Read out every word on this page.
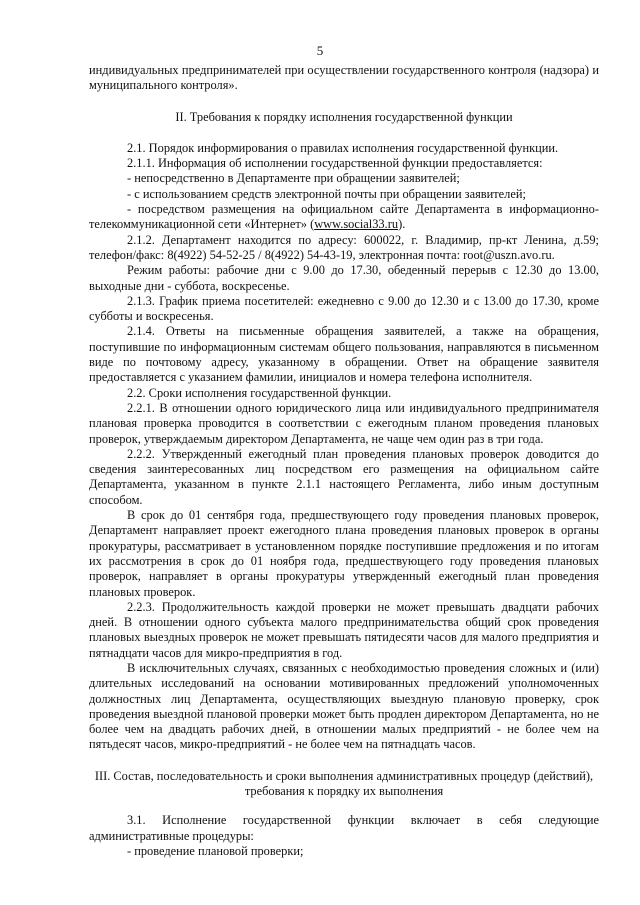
5

индивидуальных предпринимателей при осуществлении государственного контроля (надзора) и муниципального контроля».

II. Требования к порядку исполнения государственной функции

2.1. Порядок информирования о правилах исполнения государственной функции.

2.1.1. Информация об исполнении государственной функции предоставляется:

- непосредственно в Департаменте при обращении заявителей;

- с использованием средств электронной почты при обращении заявителей;

- посредством размещения на официальном сайте Департамента в информационно-телекоммуникационной сети «Интернет» (www.social33.ru).

2.1.2. Департамент находится по адресу: 600022, г. Владимир, пр-кт Ленина, д.59; телефон/факс: 8(4922) 54-52-25 / 8(4922) 54-43-19, электронная почта: root@uszn.avo.ru.

Режим работы: рабочие дни с 9.00 до 17.30, обеденный перерыв с 12.30 до 13.00, выходные дни - суббота, воскресенье.

2.1.3. График приема посетителей: ежедневно с 9.00 до 12.30 и с 13.00 до 17.30, кроме субботы и воскресенья.

2.1.4. Ответы на письменные обращения заявителей, а также на обращения, поступившие по информационным системам общего пользования, направляются в письменном виде по почтовому адресу, указанному в обращении. Ответ на обращение заявителя предоставляется с указанием фамилии, инициалов и номера телефона исполнителя.

2.2. Сроки исполнения государственной функции.

2.2.1. В отношении одного юридического лица или индивидуального предпринимателя плановая проверка проводится в соответствии с ежегодным планом проведения плановых проверок, утверждаемым директором Департамента, не чаще чем один раз в три года.

2.2.2. Утвержденный ежегодный план проведения плановых проверок доводится до сведения заинтересованных лиц посредством его размещения на официальном сайте Департамента, указанном в пункте 2.1.1 настоящего Регламента, либо иным доступным способом.

В срок до 01 сентября года, предшествующего году проведения плановых проверок, Департамент направляет проект ежегодного плана проведения плановых проверок в органы прокуратуры, рассматривает в установленном порядке поступившие предложения и по итогам их рассмотрения в срок до 01 ноября года, предшествующего году проведения плановых проверок, направляет в органы прокуратуры утвержденный ежегодный план проведения плановых проверок.

2.2.3. Продолжительность каждой проверки не может превышать двадцати рабочих дней. В отношении одного субъекта малого предпринимательства общий срок проведения плановых выездных проверок не может превышать пятидесяти часов для малого предприятия и пятнадцати часов для микро-предприятия в год.

В исключительных случаях, связанных с необходимостью проведения сложных и (или) длительных исследований на основании мотивированных предложений уполномоченных должностных лиц Департамента, осуществляющих выездную плановую проверку, срок проведения выездной плановой проверки может быть продлен директором Департамента, но не более чем на двадцать рабочих дней, в отношении малых предприятий - не более чем на пятьдесят часов, микро-предприятий - не более чем на пятнадцать часов.

III. Состав, последовательность и сроки выполнения административных процедур (действий), требования к порядку их выполнения

3.1. Исполнение государственной функции включает в себя следующие административные процедуры:

- проведение плановой проверки;
